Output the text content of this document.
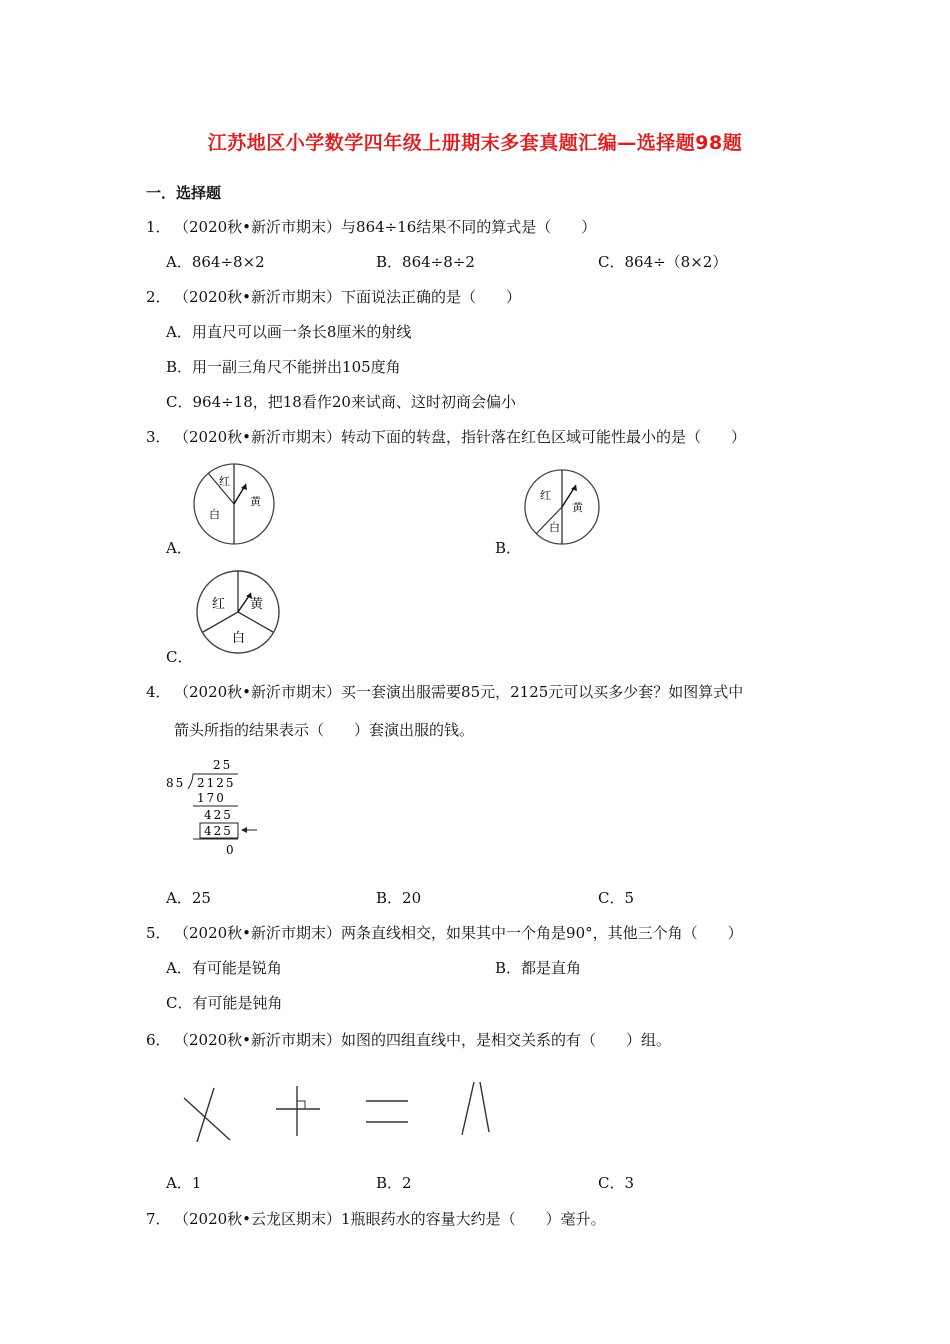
江苏地区小学数学四年级上册期末多套真题汇编—选择题98题
一．选择题
1． （2020秋•新沂市期末）与864÷16结果不同的算式是（　　）
A．864÷8×2	B．864÷8÷2	C．864÷（8×2）
2． （2020秋•新沂市期末）下面说法正确的是（　　）
A．用直尺可以画一条长8厘米的射线
B．用一副三角尺不能拼出105度角
C．964÷18，把18看作20来试商、这时初商会偏小
3． （2020秋•新沂市期末）转动下面的转盘，指针落在红色区域可能性最小的是（　　）
红
黄
白
A．
红
黄
白
B．
红 黄
白
C．
4． （2020秋•新沂市期末）买一套演出服需要85元，2125元可以买多少套？如图算式中
箭头所指的结果表示（　　）套演出服的钱。
25
85 2125
170
425
425
0
A．25	B．20	C．5
5． （2020秋•新沂市期末）两条直线相交，如果其中一个角是90°，其他三个角（　　）
A．有可能是锐角	B．都是直角
C．有可能是钝角
6． （2020秋•新沂市期末）如图的四组直线中，是相交关系的有（　　）组。
A．1	B．2	C．3
7． （2020秋•云龙区期末）1瓶眼药水的容量大约是（　　）毫升。
